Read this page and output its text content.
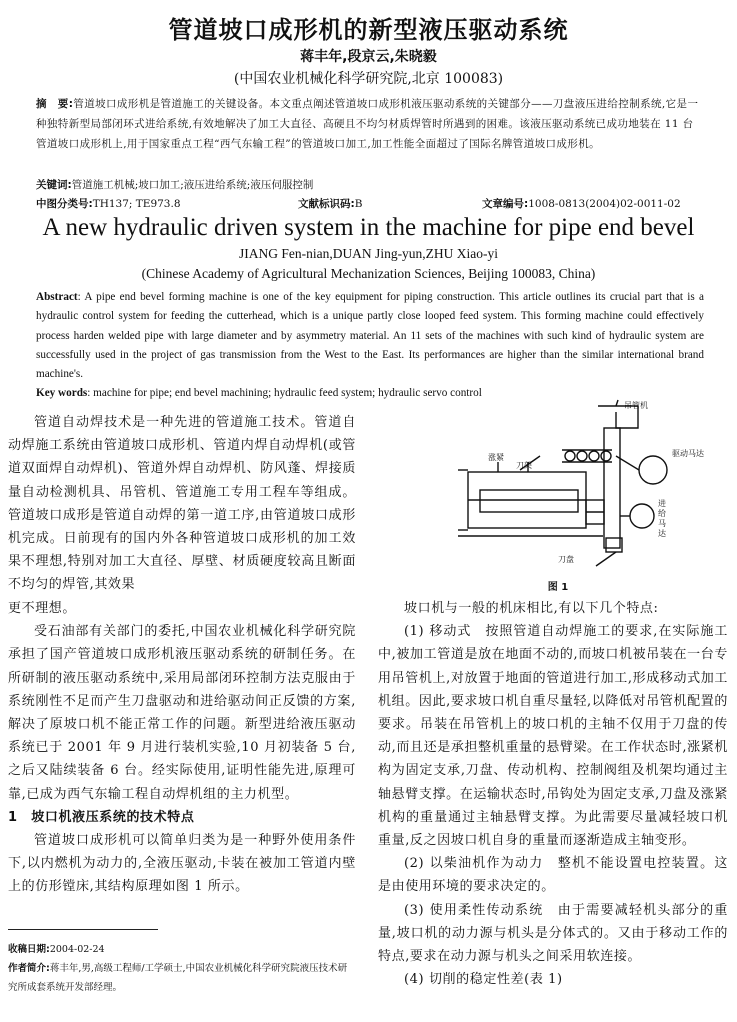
管道坡口成形机的新型液压驱动系统
蒋丰年,段京云,朱晓毅
(中国农业机械化科学研究院,北京 100083)
摘　要:管道坡口成形机是管道施工的关键设备。本文重点阐述管道坡口成形机液压驱动系统的关键部分——刀盘液压进给控制系统,它是一种独特新型局部闭环式进给系统,有效地解决了加工大直径、高硬且不均匀材质焊管时所遇到的困难。该液压驱动系统已成功地装在 11 台管道坡口成形机上,用于国家重点工程“西气东输工程”的管道坡口加工,加工性能全面超过了国际名牌管道坡口成形机。
关键词:管道施工机械;坡口加工;液压进给系统;液压伺服控制
中图分类号:TH137; TE973.8	文献标识码:B	文章编号:1008-0813(2004)02-0011-02
A new hydraulic driven system in the machine for pipe end bevel
JIANG Fen-nian,DUAN Jing-yun,ZHU Xiao-yi
(Chinese Academy of Agricultural Mechanization Sciences, Beijing 100083, China)
Abstract: A pipe end bevel forming machine is one of the key equipment for piping construction. This article outlines its crucial part that is a hydraulic control system for feeding the cutterhead, which is a unique partly close looped feed system. This forming machine could effectively process harden welded pipe with large diameter and by asymmetry material. An 11 sets of the machines with such kind of hydraulic system are successfully used in the project of gas transmission from the West to the East. Its performances are higher than the similar international brand machine's.
Key words: machine for pipe; end bevel machining; hydraulic feed system; hydraulic servo control

管道自动焊技术是一种先进的管道施工技术。管道自动焊施工系统由管道坡口成形机、管道内焊自动焊机(或管道双面焊自动焊机)、管道外焊自动焊机、防风蓬、焊接质量自动检测机具、吊管机、管道施工专用工程车等组成。管道坡口成形是管道自动焊的第一道工序,由管道坡口成形机完成。日前现有的国内外各种管道坡口成形机的加工效果不理想,特别对加工大直径、厚壁、材质硬度较高且断面不均匀的焊管,其效果

更不理想。

受石油部有关部门的委托,中国农业机械化科学研究院承担了国产管道坡口成形机液压驱动系统的研制任务。在所研制的液压驱动系统中,采用局部闭环控制方法克服由于系统刚性不足而产生刀盘驱动和进给驱动间正反馈的方案,解决了原坡口机不能正常工作的问题。新型进给液压驱动系统已于 2001 年 9 月进行装机实验,10 月初装备 5 台,之后又陆续装备 6 台。经实际使用,证明性能先进,原理可靠,已成为西气东输工程自动焊机组的主力机型。

1　坡口机液压系统的技术特点

管道坡口成形机可以简单归类为是一种野外使用条件下,以内燃机为动力的,全液压驱动,卡装在被加工管道内壁上的仿形镗床,其结构原理如图 1 所示。

坡口机与一般的机床相比,有以下几个特点:

(1) 移动式　按照管道自动焊施工的要求,在实际施工中,被加工管道是放在地面不动的,而坡口机被吊装在一台专用吊管机上,对放置于地面的管道进行加工,形成移动式加工机组。因此,要求坡口机自重尽量轻,以降低对吊管机配置的要求。吊装在吊管机上的坡口机的主轴不仅用于刀盘的传动,而且还是承担整机重量的悬臂梁。在工作状态时,涨紧机构为固定支承,刀盘、传动机构、控制阀组及机架均通过主轴悬臂支撑。在运输状态时,吊钩处为固定支承,刀盘及涨紧机构的重量通过主轴悬臂支撑。为此需要尽量减轻坡口机重量,反之因坡口机自身的重量而逐渐造成主轴变形。

(2) 以柴油机作为动力　整机不能设置电控装置。这是由使用环境的要求决定的。

(3) 使用柔性传动系统　由于需要减轻机头部分的重量,坡口机的动力源与机头是分体式的。又由于移动工作的特点,要求在动力源与机头之间采用软连接。

(4) 切削的稳定性差(表 1)

收稿日期:2004-02-24
作者简介:蒋丰年,男,高级工程师/工学硕士,中国农业机械化科学研究院液压技术研究所成套系统开发部经理。
吊管机
驱动马达
涨紧
刀架
刀盘
进给马达
图 1
